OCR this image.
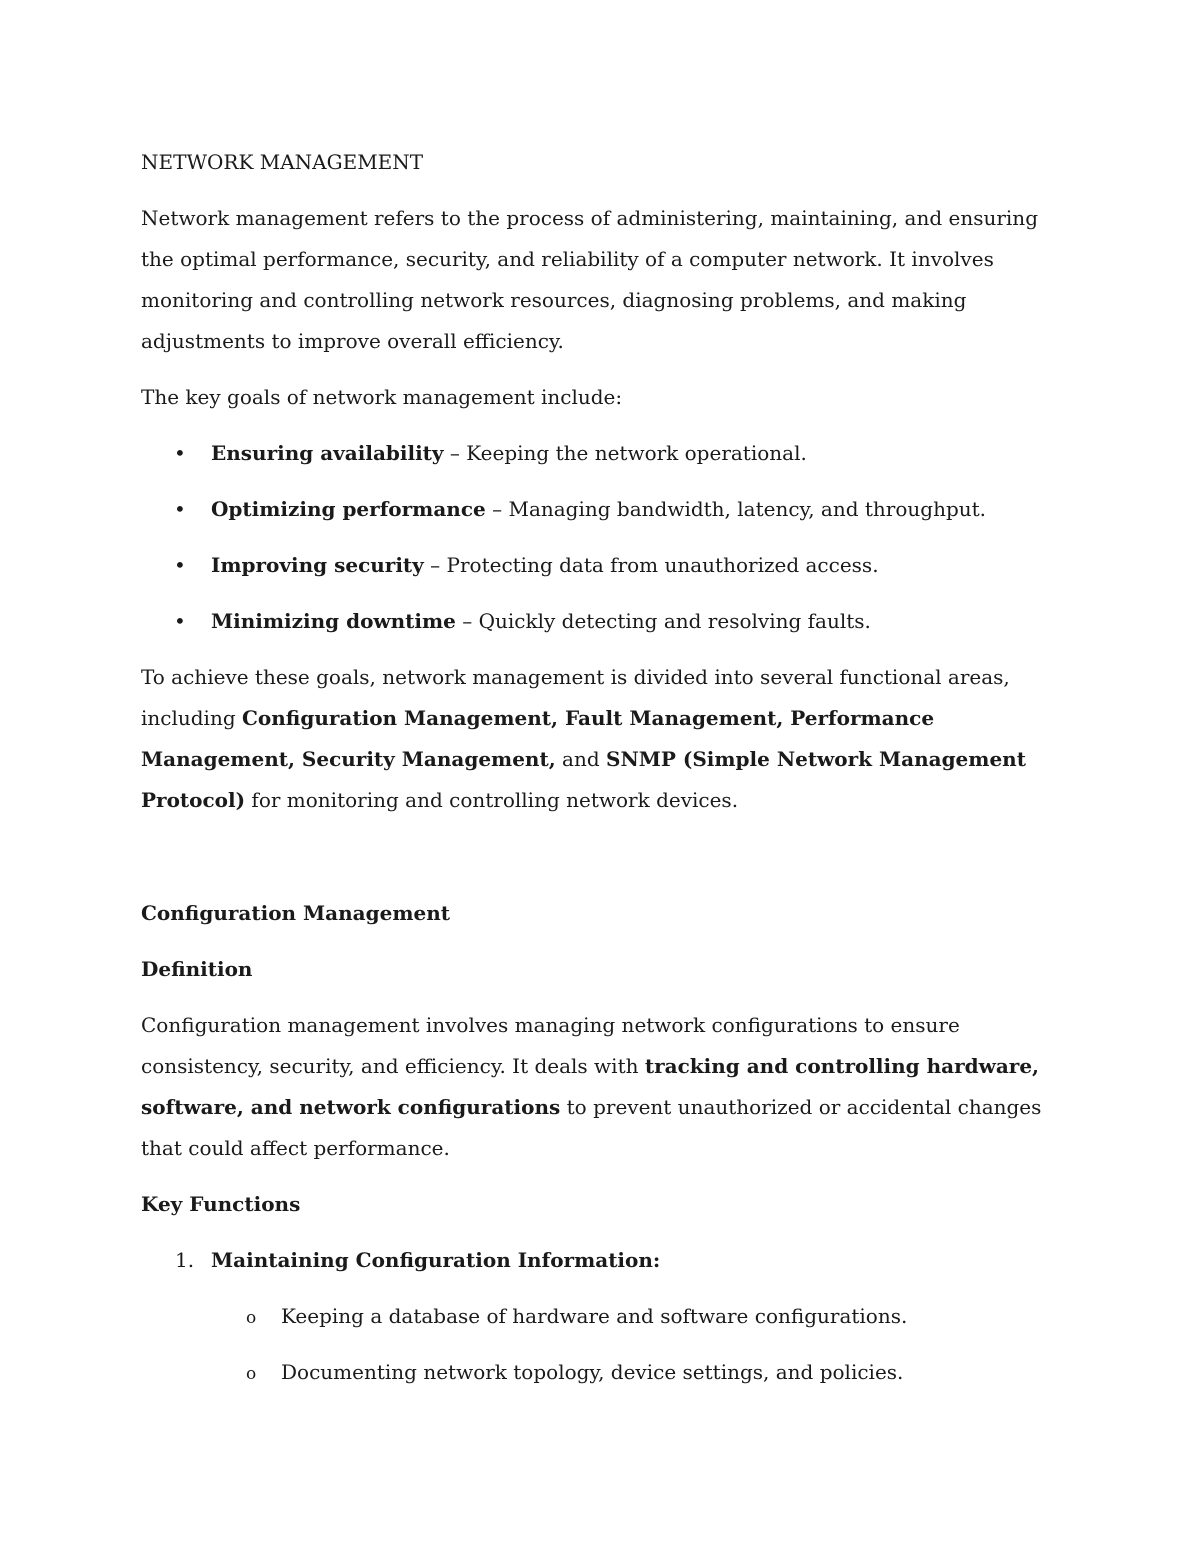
NETWORK MANAGEMENT

Network management refers to the process of administering, maintaining, and ensuring the optimal performance, security, and reliability of a computer network. It involves monitoring and controlling network resources, diagnosing problems, and making adjustments to improve overall efficiency.

The key goals of network management include:

• Ensuring availability – Keeping the network operational.
• Optimizing performance – Managing bandwidth, latency, and throughput.
• Improving security – Protecting data from unauthorized access.
• Minimizing downtime – Quickly detecting and resolving faults.

To achieve these goals, network management is divided into several functional areas, including Configuration Management, Fault Management, Performance Management, Security Management, and SNMP (Simple Network Management Protocol) for monitoring and controlling network devices.

Configuration Management

Definition

Configuration management involves managing network configurations to ensure consistency, security, and efficiency. It deals with tracking and controlling hardware, software, and network configurations to prevent unauthorized or accidental changes that could affect performance.

Key Functions

1. Maintaining Configuration Information:
o Keeping a database of hardware and software configurations.
o Documenting network topology, device settings, and policies.
